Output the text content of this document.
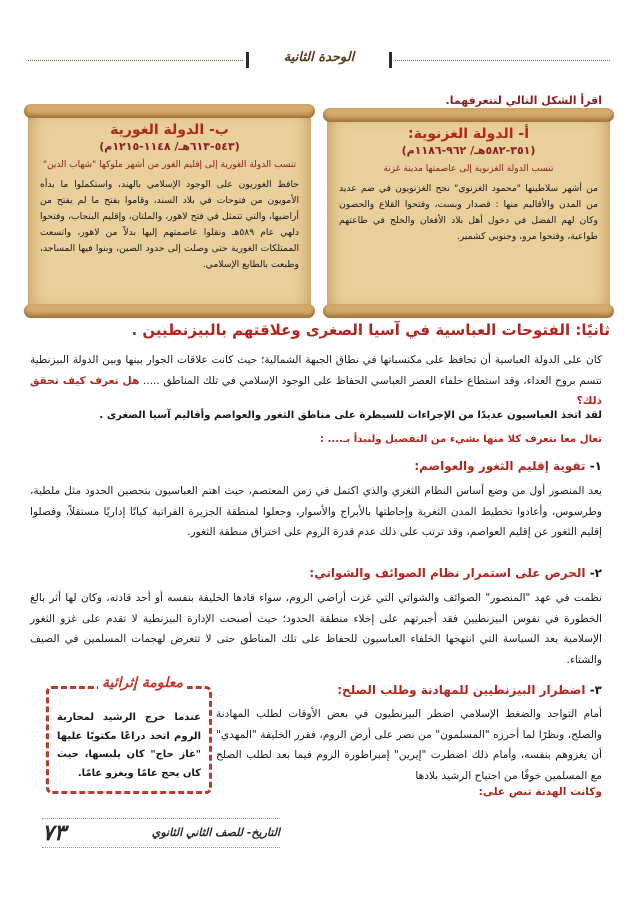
الوحدة الثانية
اقرأ الشكل التالي لتتعرفهما.
أ- الدولة الغزنوية:
(٣٥١-٥٨٢هـ/ ٩٦٢-١١٨٦م)
تنسب الدولة الغزنوية إلى عاصمتها مدينة غزنة
من أشهر سلاطينها "محمود الغزنوي" نجح الغزنويون في ضم عديد من المدن والأقاليم منها : قصدار وبست، وفتحوا القلاع والحصون وكان لهم الفضل في دخول أهل بلاد الأفغان والخلج في طاعتهم طواعية، وفتحوا مرو، وجنوبي كشمير.
ب- الدولة الغورية
(٥٤٣-٦١٣هـ/ ١١٤٨-١٢١٥م)
تنسب الدولة الغورية إلى إقليم الغور من أشهر ملوكها "شهاب الدين"
حافظ الغوريون على الوجود الإسلامي بالهند، واستكملوا ما بدأه الأمويون من فتوحات في بلاد السند، وقاموا بفتح ما لم يفتح من أراضيها، والتي تتمثل في فتح لاهور، والملتان، وإقليم البنجاب، وفتحوا دلهي عام ٥٨٩هـ ونقلوا عاصمتهم إليها بدلاً من لاهور، واتسعت الممتلكات الغورية حتى وصلت إلى حدود الصين، وبنوا فيها المساجد، وطبعت بالطابع الإسلامي.
ثانيًا: الفتوحات العباسية في آسيا الصغرى وعلاقتهم بالبيزنطيين .
كان على الدولة العباسية أن تحافظ على مكتسباتها في نطاق الجبهة الشمالية؛ حيث كانت علاقات الجوار بينها وبين الدولة البيزنطية تتسم بروح العداء، وقد استطاع خلفاء العصر العباسي الحفاظ على الوجود الإسلامي في تلك المناطق ..... هل تعرف كيف تحقق ذلك؟
لقد اتخذ العباسيون عديدًا من الإجراءات للسيطرة على مناطق الثغور والعواصم وأقاليم آسيا الصغرى .
تعال معا نتعرف كلا منها بشيء من التفصيل ولنبدأ بـ.... :
١- تقوية إقليم الثغور والعواصم:
يعد المنصور أول من وضع أساس النظام الثغري والذي اكتمل في زمن المعتصم، حيث اهتم العباسيون بتحصين الحدود مثل ملطية، وطرسوس، وأعادوا تخطيط المدن الثغرية وإحاطتها بالأبراج والأسوار، وجعلوا لمنطقة الجزيرة الفراتية كيانًا إداريًا مستقلاً، وفصلوا إقليم الثغور عن إقليم العواصم، وقد ترتب على ذلك عدم قدرة الروم على اختراق منطقة الثغور.
٢- الحرص على استمرار نظام الصوائف والشواتي:
نظمت في عهد "المنصور" الصوائف والشواتي التي غزت أراضي الروم، سواء قادها الخليفة بنفسه أو أحد قادته، وكان لها أثر بالغ الخطورة في نفوس البيزنطيين فقد أجبرتهم على إخلاء منطقة الحدود؛ حيث أصبحت الإدارة البيزنطية لا تقدم على غزو الثغور الإسلامية بعد السياسة التي انتهجها الخلفاء العباسيون للحفاظ على تلك المناطق حتى لا تتعرض لهجمات المسلمين في الصيف والشتاء.
٣- اضطرار البيزنطيين للمهادنة وطلب الصلح:
أمام التواجد والضغط الإسلامي اضطر البيزنطيون في بعض الأوقات لطلب المهادنة والصلح، ونظرًا لما أحرزه "المسلمون" من نصر على أرض الروم، فقرر الخليفة "المهدي" أن يغزوهم بنفسه، وأمام ذلك اضطرت "إيرين" إمبراطورة الروم فيما بعد لطلب الصلح مع المسلمين خوفًا من اجتياح الرشيد بلادها
وكانت الهدنة تنص على:
معلومة إثرائية
عندما خرج الرشيد لمحاربة الروم اتخذ دراعًا مكتوبًا عليها "غاز حاج" كان يلبسها، حيث كان يحج عامًا ويغزو عامًا.
التاريخ- للصف الثاني الثانوي
٧٣
